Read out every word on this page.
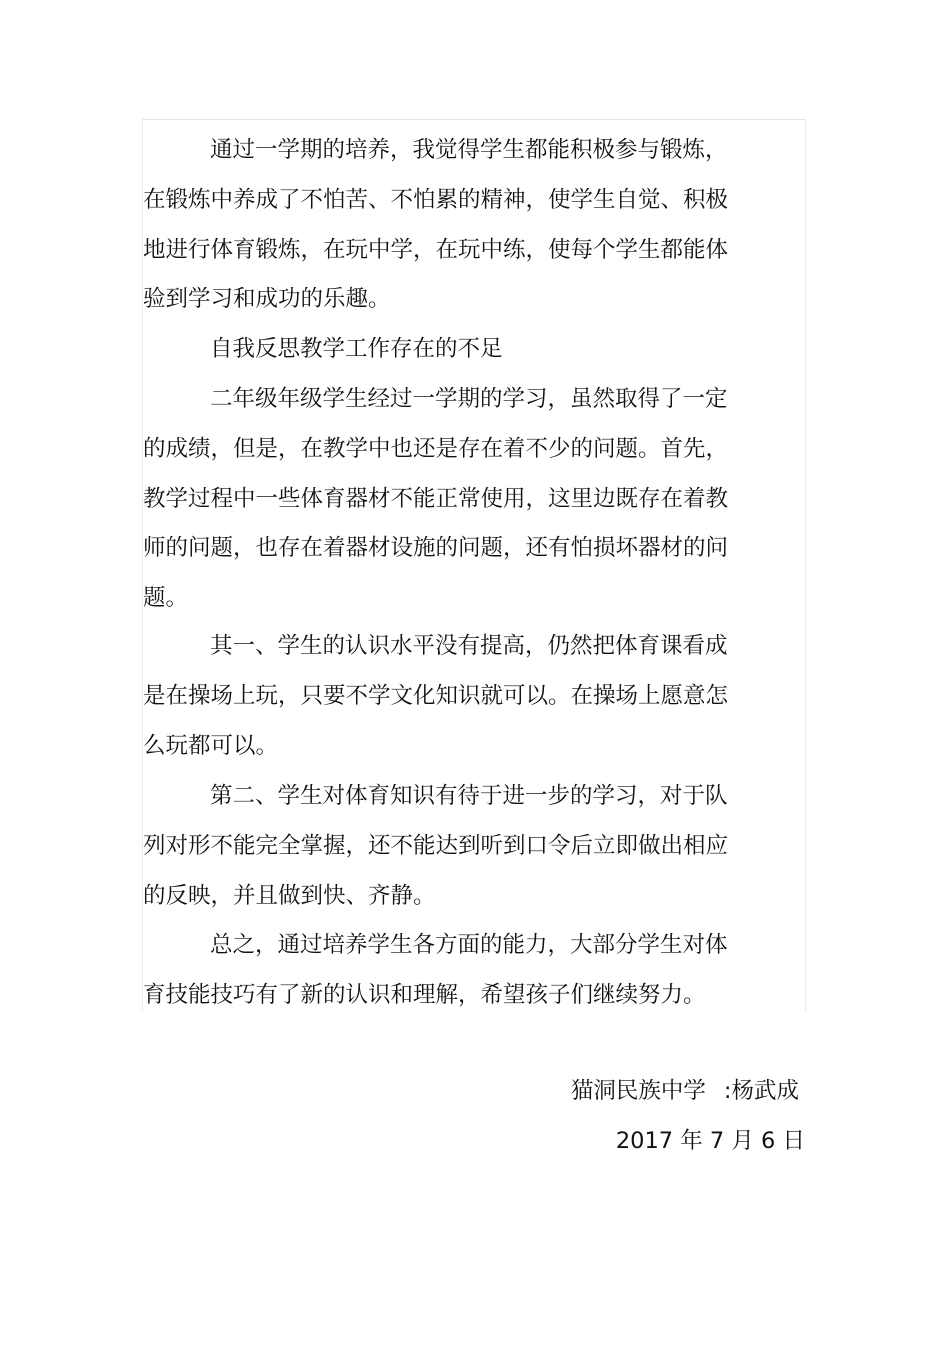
通过一学期的培养，我觉得学生都能积极参与锻炼，在锻炼中养成了不怕苦、不怕累的精神，使学生自觉、积极地进行体育锻炼，在玩中学，在玩中练，使每个学生都能体验到学习和成功的乐趣。

自我反思教学工作存在的不足

二年级年级学生经过一学期的学习，虽然取得了一定的成绩，但是，在教学中也还是存在着不少的问题。首先，教学过程中一些体育器材不能正常使用，这里边既存在着教师的问题，也存在着器材设施的问题，还有怕损坏器材的问题。

其一、学生的认识水平没有提高，仍然把体育课看成是在操场上玩，只要不学文化知识就可以。在操场上愿意怎么玩都可以。

第二、学生对体育知识有待于进一步的学习，对于队列对形不能完全掌握，还不能达到听到口令后立即做出相应的反映，并且做到快、齐静。

总之，通过培养学生各方面的能力，大部分学生对体育技能技巧有了新的认识和理解，希望孩子们继续努力。

猫洞民族中学 :杨武成
2017 年 7 月 6 日
